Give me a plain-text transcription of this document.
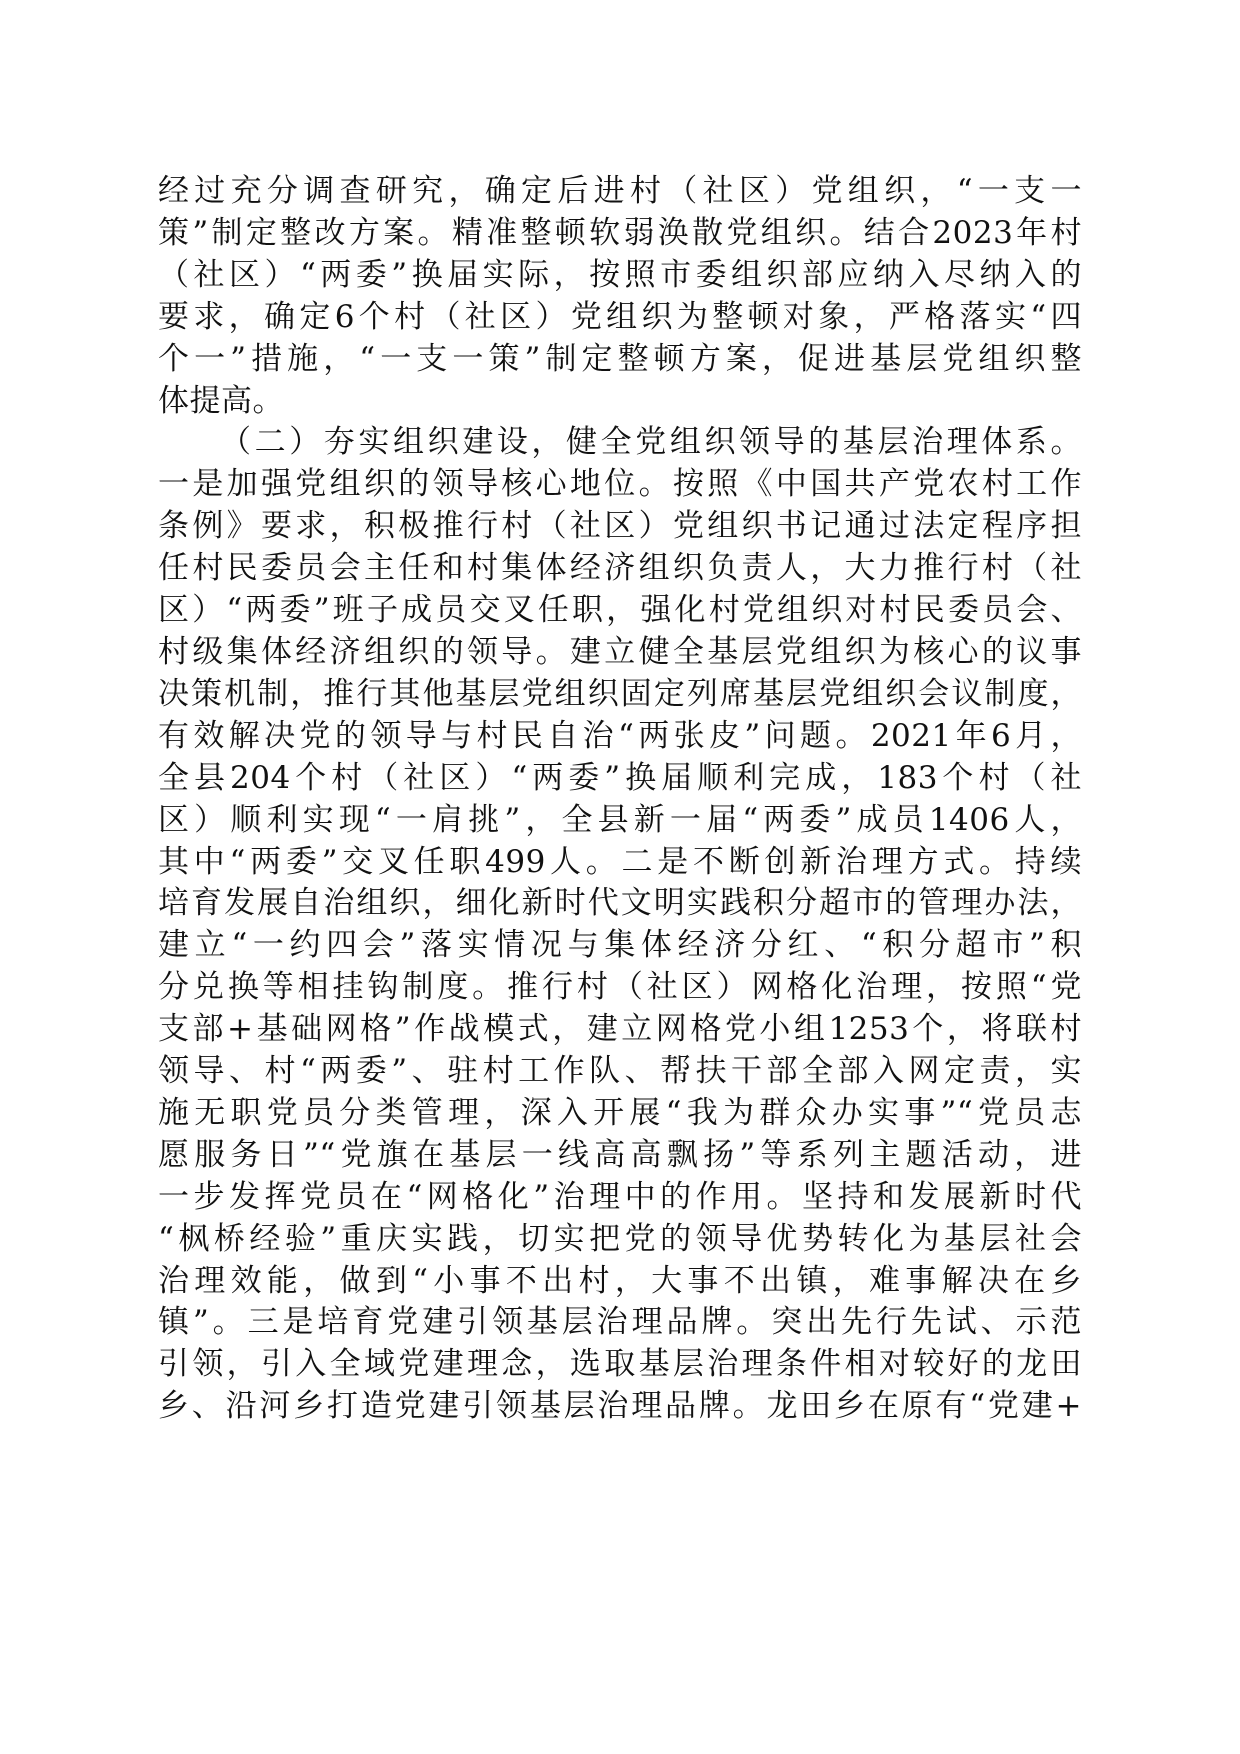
经过充分调查研究，确定后进村（社区）党组织，“一支一
策”制定整改方案。精准整顿软弱涣散党组织。结合2023年村
（社区）“两委”换届实际，按照市委组织部应纳入尽纳入的
要求，确定6个村（社区）党组织为整顿对象，严格落实“四
个一”措施，“一支一策”制定整顿方案，促进基层党组织整
体提高。
（二）夯实组织建设，健全党组织领导的基层治理体系。
一是加强党组织的领导核心地位。按照《中国共产党农村工作
条例》要求，积极推行村（社区）党组织书记通过法定程序担
任村民委员会主任和村集体经济组织负责人，大力推行村（社
区）“两委”班子成员交叉任职，强化村党组织对村民委员会、
村级集体经济组织的领导。建立健全基层党组织为核心的议事
决策机制，推行其他基层党组织固定列席基层党组织会议制度，
有效解决党的领导与村民自治“两张皮”问题。2021年6月，
全县204个村（社区）“两委”换届顺利完成，183个村（社
区）顺利实现“一肩挑”，全县新一届“两委”成员1406人，
其中“两委”交叉任职499人。二是不断创新治理方式。持续
培育发展自治组织，细化新时代文明实践积分超市的管理办法，
建立“一约四会”落实情况与集体经济分红、“积分超市”积
分兑换等相挂钩制度。推行村（社区）网格化治理，按照“党
支部+基础网格”作战模式，建立网格党小组1253个，将联村
领导、村“两委”、驻村工作队、帮扶干部全部入网定责，实
施无职党员分类管理，深入开展“我为群众办实事”“党员志
愿服务日”“党旗在基层一线高高飘扬”等系列主题活动，进
一步发挥党员在“网格化”治理中的作用。坚持和发展新时代
“枫桥经验”重庆实践，切实把党的领导优势转化为基层社会
治理效能，做到“小事不出村，大事不出镇，难事解决在乡
镇”。三是培育党建引领基层治理品牌。突出先行先试、示范
引领，引入全域党建理念，选取基层治理条件相对较好的龙田
乡、沿河乡打造党建引领基层治理品牌。龙田乡在原有“党建+
